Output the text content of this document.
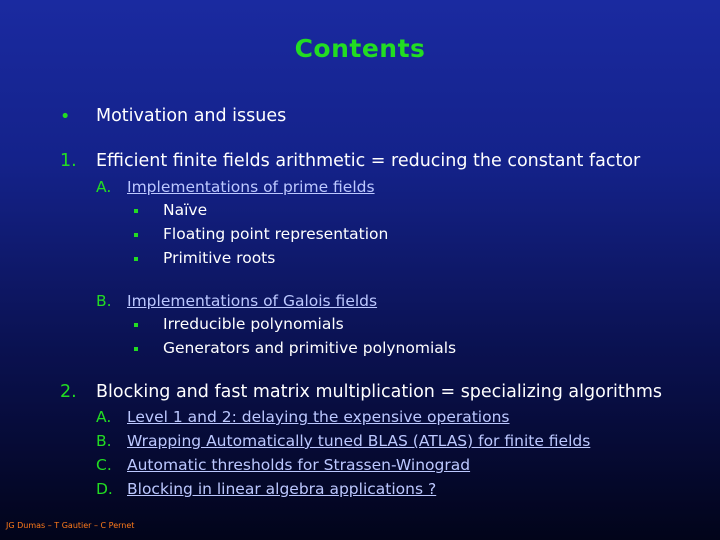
Contents
• Motivation and issues
1. Efficient finite fields arithmetic = reducing the constant factor
A. Implementations of prime fields
Naïve
Floating point representation
Primitive roots
B. Implementations of Galois fields
Irreducible polynomials
Generators and primitive polynomials
2. Blocking and fast matrix multiplication = specializing algorithms
A. Level 1 and 2: delaying the expensive operations
B. Wrapping Automatically tuned BLAS (ATLAS) for finite fields
C. Automatic thresholds for Strassen-Winograd
D. Blocking in linear algebra applications ?
JG Dumas – T Gautier – C Pernet
